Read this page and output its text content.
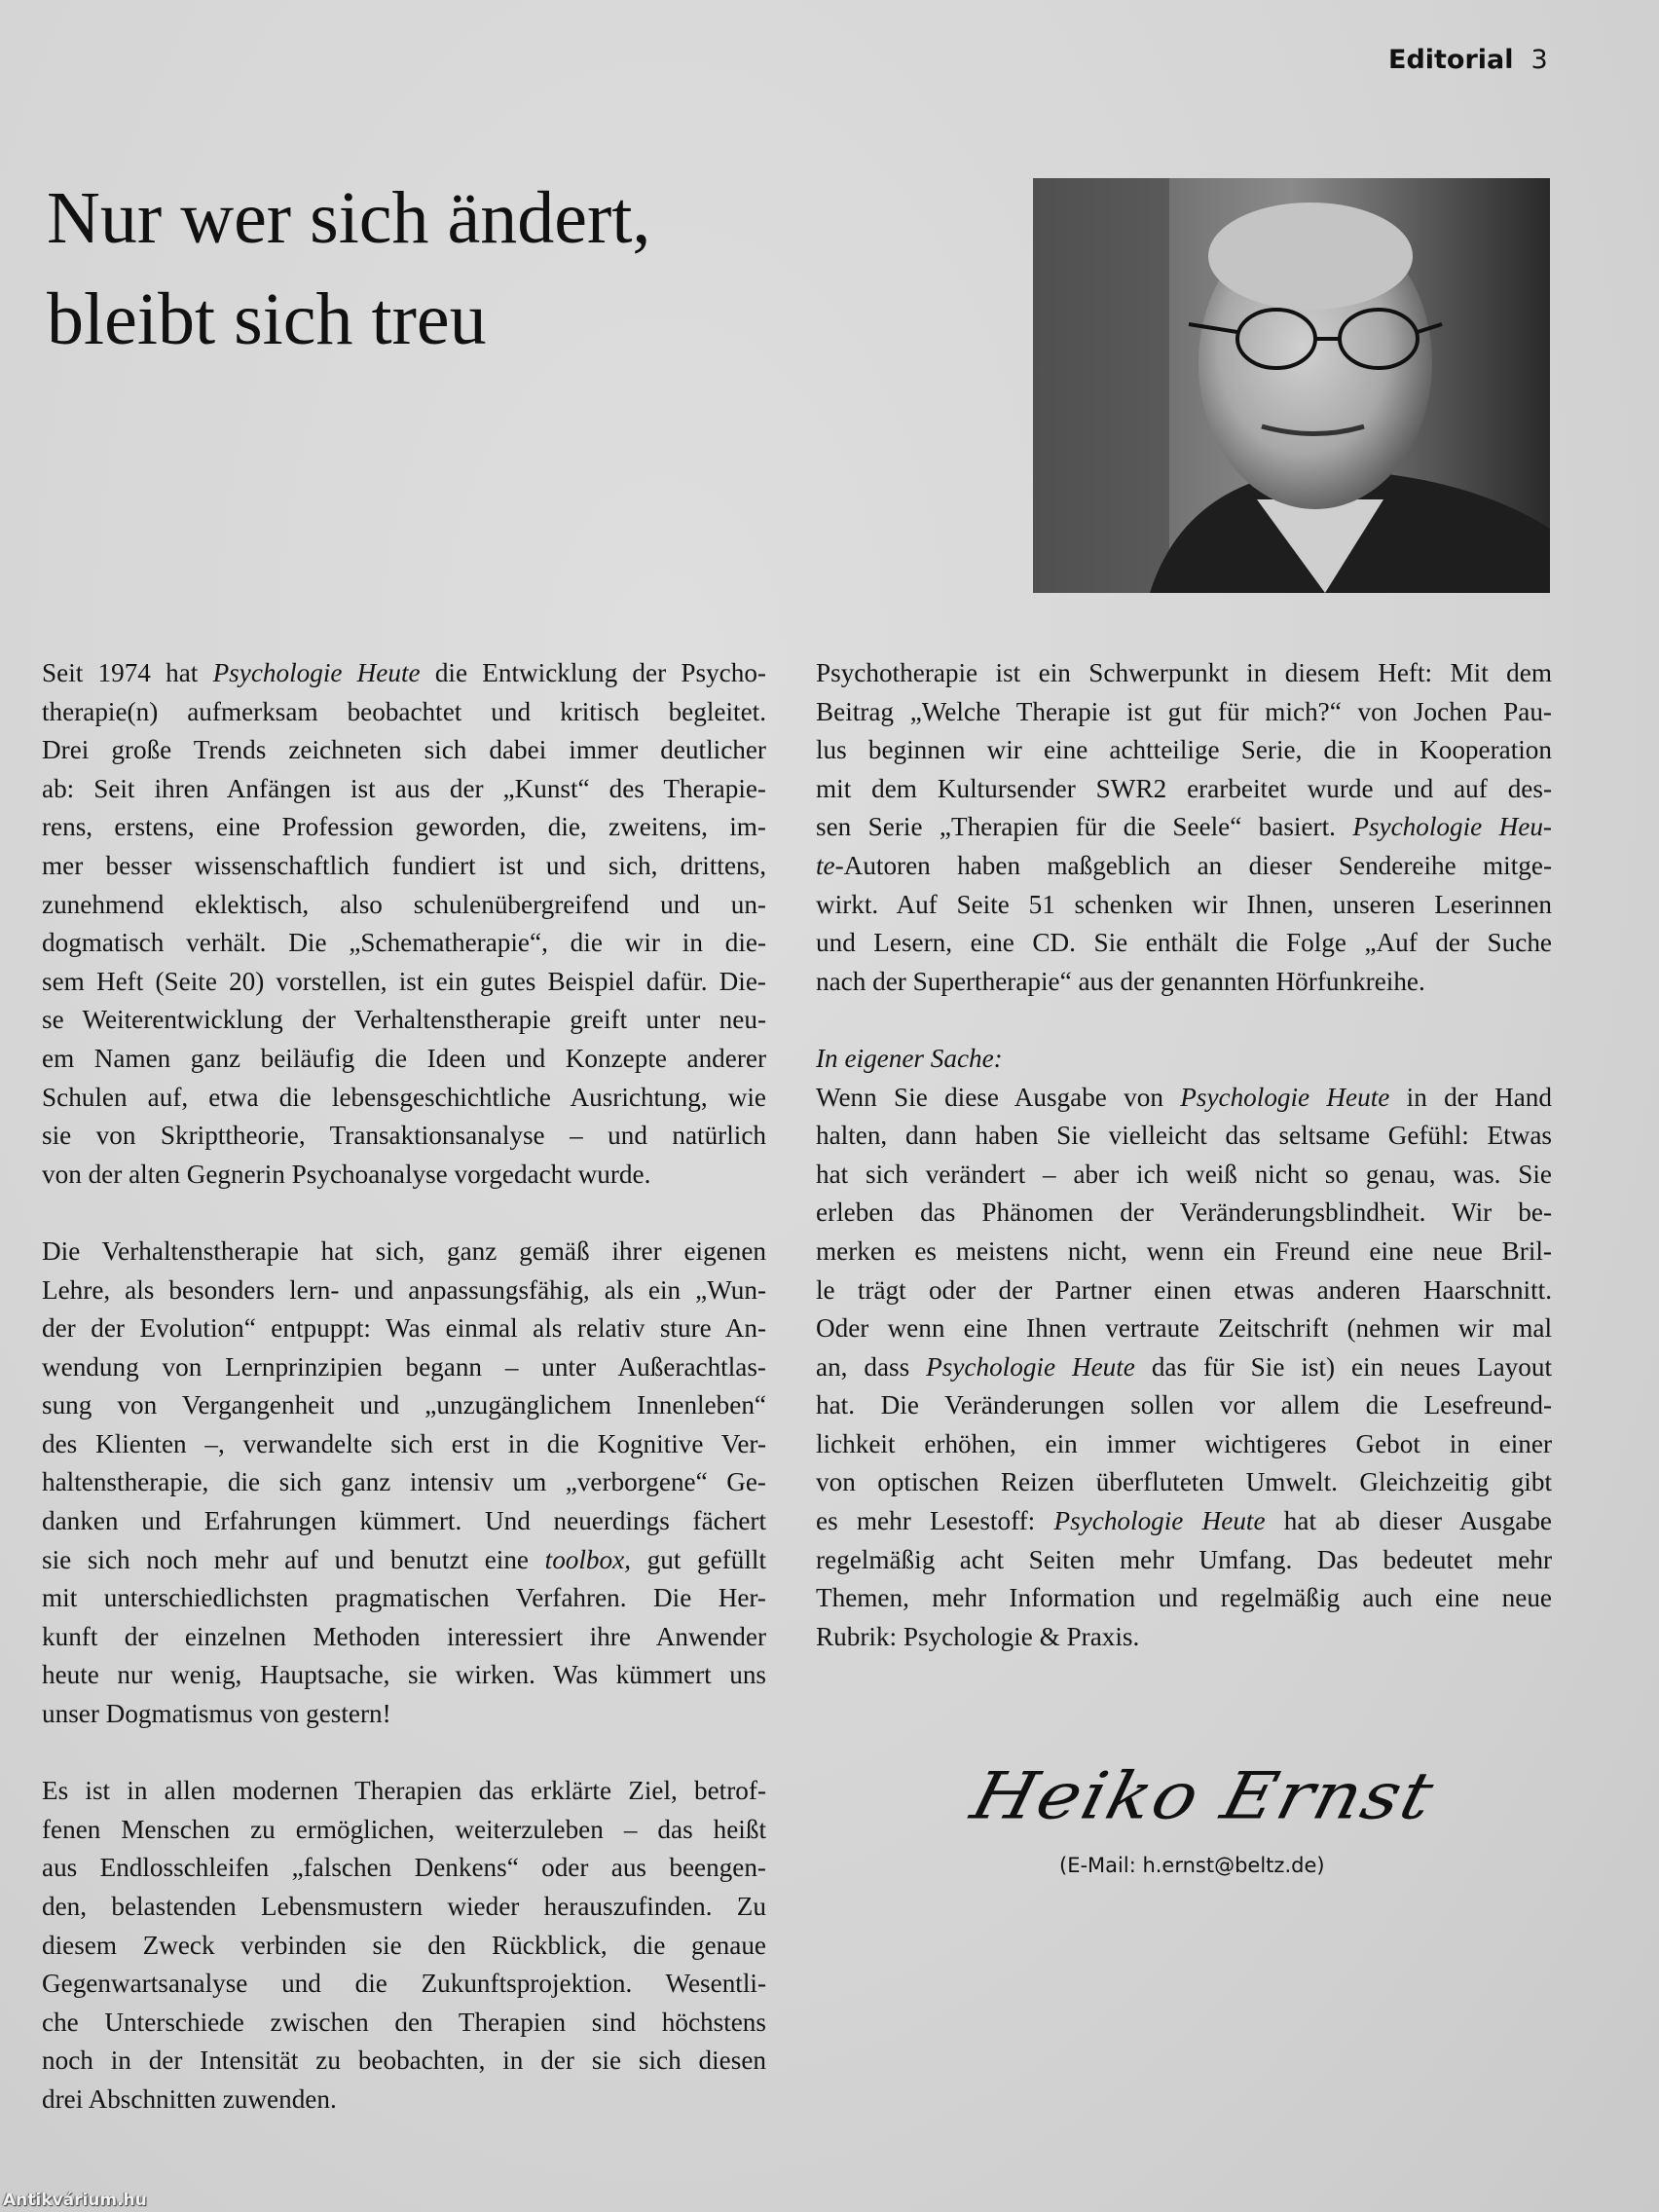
Editorial 3
Nur wer sich ändert,
bleibt sich treu
Seit 1974 hat Psychologie Heute die Entwicklung der Psycho-
therapie(n) aufmerksam beobachtet und kritisch begleitet.
Drei große Trends zeichneten sich dabei immer deutlicher
ab: Seit ihren Anfängen ist aus der „Kunst“ des Therapie-
rens, erstens, eine Profession geworden, die, zweitens, im-
mer besser wissenschaftlich fundiert ist und sich, drittens,
zunehmend eklektisch, also schulenübergreifend und un-
dogmatisch verhält. Die „Schematherapie“, die wir in die-
sem Heft (Seite 20) vorstellen, ist ein gutes Beispiel dafür. Die-
se Weiterentwicklung der Verhaltenstherapie greift unter neu-
em Namen ganz beiläufig die Ideen und Konzepte anderer
Schulen auf, etwa die lebensgeschichtliche Ausrichtung, wie
sie von Skripttheorie, Transaktionsanalyse – und natürlich
von der alten Gegnerin Psychoanalyse vorgedacht wurde.
Die Verhaltenstherapie hat sich, ganz gemäß ihrer eigenen
Lehre, als besonders lern- und anpassungsfähig, als ein „Wun-
der der Evolution“ entpuppt: Was einmal als relativ sture An-
wendung von Lernprinzipien begann – unter Außerachtlas-
sung von Vergangenheit und „unzugänglichem Innenleben“
des Klienten –, verwandelte sich erst in die Kognitive Ver-
haltenstherapie, die sich ganz intensiv um „verborgene“ Ge-
danken und Erfahrungen kümmert. Und neuerdings fächert
sie sich noch mehr auf und benutzt eine toolbox, gut gefüllt
mit unterschiedlichsten pragmatischen Verfahren. Die Her-
kunft der einzelnen Methoden interessiert ihre Anwender
heute nur wenig, Hauptsache, sie wirken. Was kümmert uns
unser Dogmatismus von gestern!
Es ist in allen modernen Therapien das erklärte Ziel, betrof-
fenen Menschen zu ermöglichen, weiterzuleben – das heißt
aus Endlosschleifen „falschen Denkens“ oder aus beengen-
den, belastenden Lebensmustern wieder herauszufinden. Zu
diesem Zweck verbinden sie den Rückblick, die genaue
Gegenwartsanalyse und die Zukunftsprojektion. Wesentli-
che Unterschiede zwischen den Therapien sind höchstens
noch in der Intensität zu beobachten, in der sie sich diesen
drei Abschnitten zuwenden.
Psychotherapie ist ein Schwerpunkt in diesem Heft: Mit dem
Beitrag „Welche Therapie ist gut für mich?“ von Jochen Pau-
lus beginnen wir eine achtteilige Serie, die in Kooperation
mit dem Kultursender SWR2 erarbeitet wurde und auf des-
sen Serie „Therapien für die Seele“ basiert. Psychologie Heu-
te-Autoren haben maßgeblich an dieser Sendereihe mitge-
wirkt. Auf Seite 51 schenken wir Ihnen, unseren Leserinnen
und Lesern, eine CD. Sie enthält die Folge „Auf der Suche
nach der Supertherapie“ aus der genannten Hörfunkreihe.
In eigener Sache:
Wenn Sie diese Ausgabe von Psychologie Heute in der Hand
halten, dann haben Sie vielleicht das seltsame Gefühl: Etwas
hat sich verändert – aber ich weiß nicht so genau, was. Sie
erleben das Phänomen der Veränderungsblindheit. Wir be-
merken es meistens nicht, wenn ein Freund eine neue Bril-
le trägt oder der Partner einen etwas anderen Haarschnitt.
Oder wenn eine Ihnen vertraute Zeitschrift (nehmen wir mal
an, dass Psychologie Heute das für Sie ist) ein neues Layout
hat. Die Veränderungen sollen vor allem die Lesefreund-
lichkeit erhöhen, ein immer wichtigeres Gebot in einer
von optischen Reizen überfluteten Umwelt. Gleichzeitig gibt
es mehr Lesestoff: Psychologie Heute hat ab dieser Ausgabe
regelmäßig acht Seiten mehr Umfang. Das bedeutet mehr
Themen, mehr Information und regelmäßig auch eine neue
Rubrik: Psychologie & Praxis.
Heiko Ernst
(E-Mail: h.ernst@beltz.de)
Antikvárium.hu
